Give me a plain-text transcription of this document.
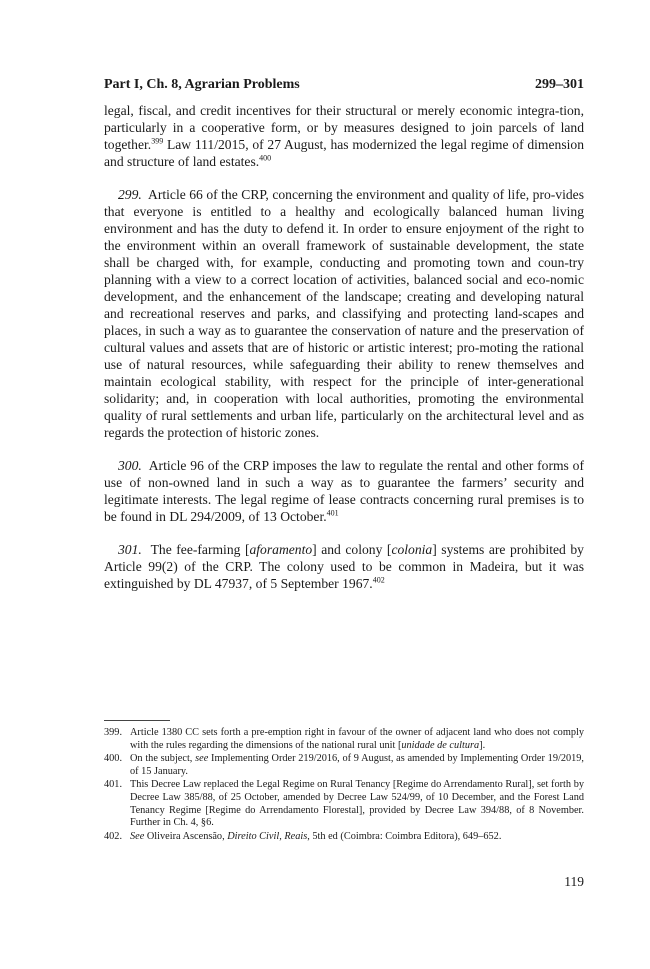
Part I, Ch. 8, Agrarian Problems	299–301

legal, fiscal, and credit incentives for their structural or merely economic integra-tion, particularly in a cooperative form, or by measures designed to join parcels of land together.$^{399}$ Law 111/2015, of 27 August, has modernized the legal regime of dimension and structure of land estates.$^{400}$

299. Article 66 of the CRP, concerning the environment and quality of life, pro-vides that everyone is entitled to a healthy and ecologically balanced human living environment and has the duty to defend it. In order to ensure enjoyment of the right to the environment within an overall framework of sustainable development, the state shall be charged with, for example, conducting and promoting town and coun-try planning with a view to a correct location of activities, balanced social and eco-nomic development, and the enhancement of the landscape; creating and developing natural and recreational reserves and parks, and classifying and protecting land-scapes and places, in such a way as to guarantee the conservation of nature and the preservation of cultural values and assets that are of historic or artistic interest; pro-moting the rational use of natural resources, while safeguarding their ability to renew themselves and maintain ecological stability, with respect for the principle of inter-generational solidarity; and, in cooperation with local authorities, promoting the environmental quality of rural settlements and urban life, particularly on the architectural level and as regards the protection of historic zones.

300. Article 96 of the CRP imposes the law to regulate the rental and other forms of use of non-owned land in such a way as to guarantee the farmers’ security and legitimate interests. The legal regime of lease contracts concerning rural premises is to be found in DL 294/2009, of 13 October.$^{401}$

301. The fee-farming [aforamento] and colony [colonia] systems are prohibited by Article 99(2) of the CRP. The colony used to be common in Madeira, but it was extinguished by DL 47937, of 5 September 1967.$^{402}$

399. Article 1380 CC sets forth a pre-emption right in favour of the owner of adjacent land who does not comply with the rules regarding the dimensions of the national rural unit [unidade de cultura].
400. On the subject, see Implementing Order 219/2016, of 9 August, as amended by Implementing Order 19/2019, of 15 January.
401. This Decree Law replaced the Legal Regime on Rural Tenancy [Regime do Arrendamento Rural], set forth by Decree Law 385/88, of 25 October, amended by Decree Law 524/99, of 10 December, and the Forest Land Tenancy Regime [Regime do Arrendamento Florestal], provided by Decree Law 394/88, of 8 November. Further in Ch. 4, §6.
402. See Oliveira Ascensão, Direito Civil, Reais, 5th ed (Coimbra: Coimbra Editora), 649–652.
119
